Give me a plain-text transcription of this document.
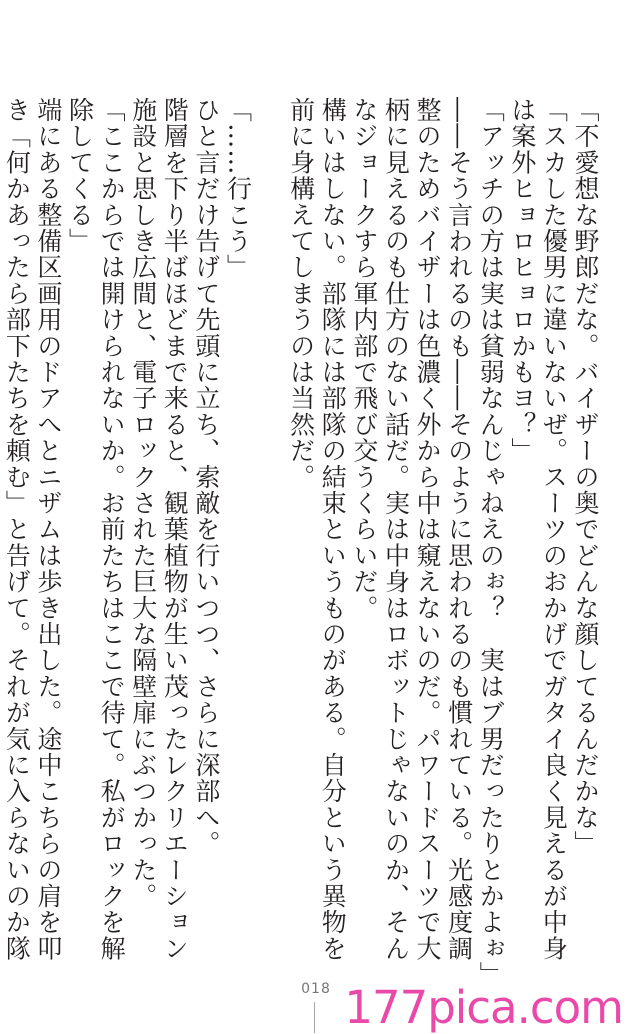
「不愛想な野郎だな。バイザーの奥でどんな顔してるんだかな」

「スカした優男に違いないぜ。スーツのおかげでガタイ良く見えるが中身は案外ヒョロヒョロかもヨ？」

「アッチの方は実は貧弱なんじゃねえのぉ？　実はブ男だったりとかよぉ」

――そう言われるのも――そのように思われるのも慣れている。光感度調整のためバイザーは色濃く外から中は窺えないのだ。パワードスーツで大柄に見えるのも仕方のない話だ。実は中身はロボットじゃないのか、そんなジョークすら軍内部で飛び交うくらいだ。

構いはしない。部隊には部隊の結束というものがある。自分という異物を前に身構えてしまうのは当然だ。

「……行こう」

ひと言だけ告げて先頭に立ち、索敵を行いつつ、さらに深部へ。

階層を下り半ばほどまで来ると、観葉植物が生い茂ったレクリエーション施設と思しき広間と、電子ロックされた巨大な隔壁扉にぶつかった。

「ここからでは開けられないか。お前たちはここで待て。私がロックを解除してくる」

端にある整備区画用のドアへとニザムは歩き出した。途中こちらの肩を叩き「何かあったら部下たちを頼む」と告げて。それが気に入らないのか隊

018 177pica.com
